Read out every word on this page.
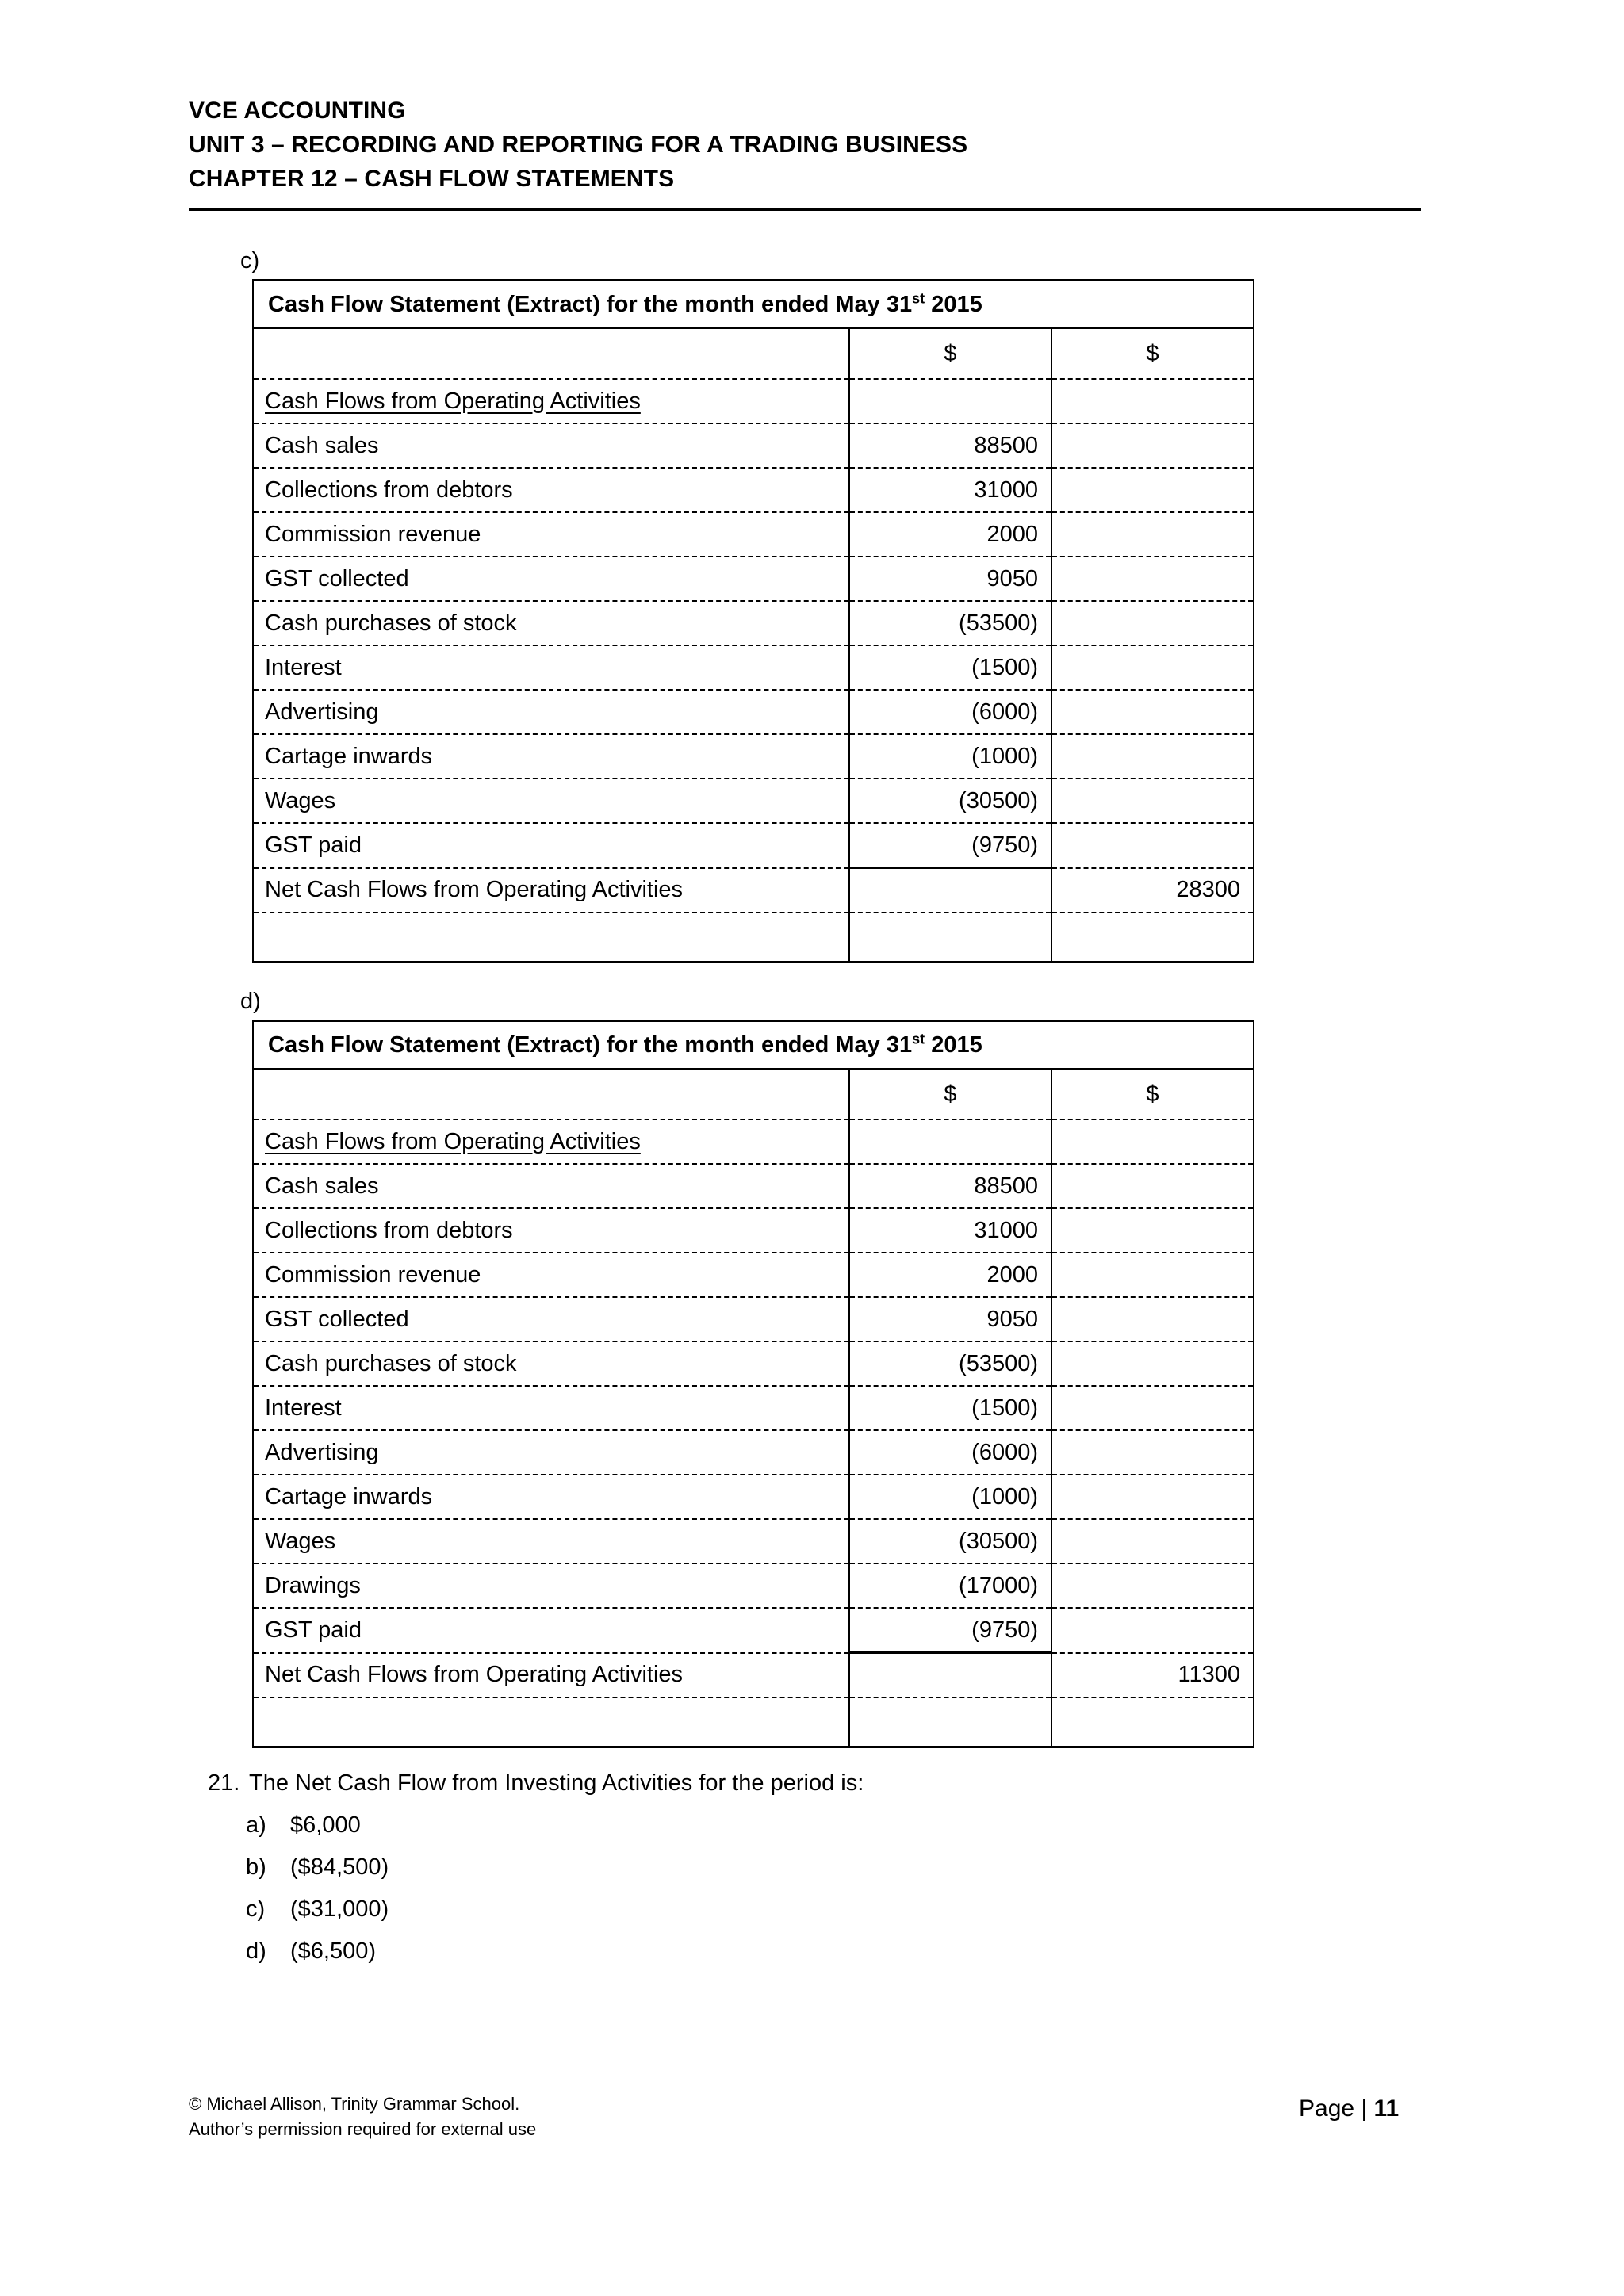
VCE ACCOUNTING
UNIT 3 – RECORDING AND REPORTING FOR A TRADING BUSINESS
CHAPTER 12 – CASH FLOW STATEMENTS
c)
Cash Flow Statement (Extract) for the month ended May 31st 2015		
	$	$
Cash Flows from Operating Activities		
Cash sales	88500	
Collections from debtors	31000	
Commission revenue	2000	
GST collected	9050	
Cash purchases of stock	(53500)	
Interest	(1500)	
Advertising	(6000)	
Cartage inwards	(1000)	
Wages	(30500)	
GST paid	(9750)	
Net Cash Flows from Operating Activities		28300

d)
Cash Flow Statement (Extract) for the month ended May 31st 2015		
	$	$
Cash Flows from Operating Activities		
Cash sales	88500	
Collections from debtors	31000	
Commission revenue	2000	
GST collected	9050	
Cash purchases of stock	(53500)	
Interest	(1500)	
Advertising	(6000)	
Cartage inwards	(1000)	
Wages	(30500)	
Drawings	(17000)	
GST paid	(9750)	
Net Cash Flows from Operating Activities		11300

21. The Net Cash Flow from Investing Activities for the period is:
a) $6,000
b) ($84,500)
c) ($31,000)
d) ($6,500)
© Michael Allison, Trinity Grammar School.
Author’s permission required for external use
Page | 11
